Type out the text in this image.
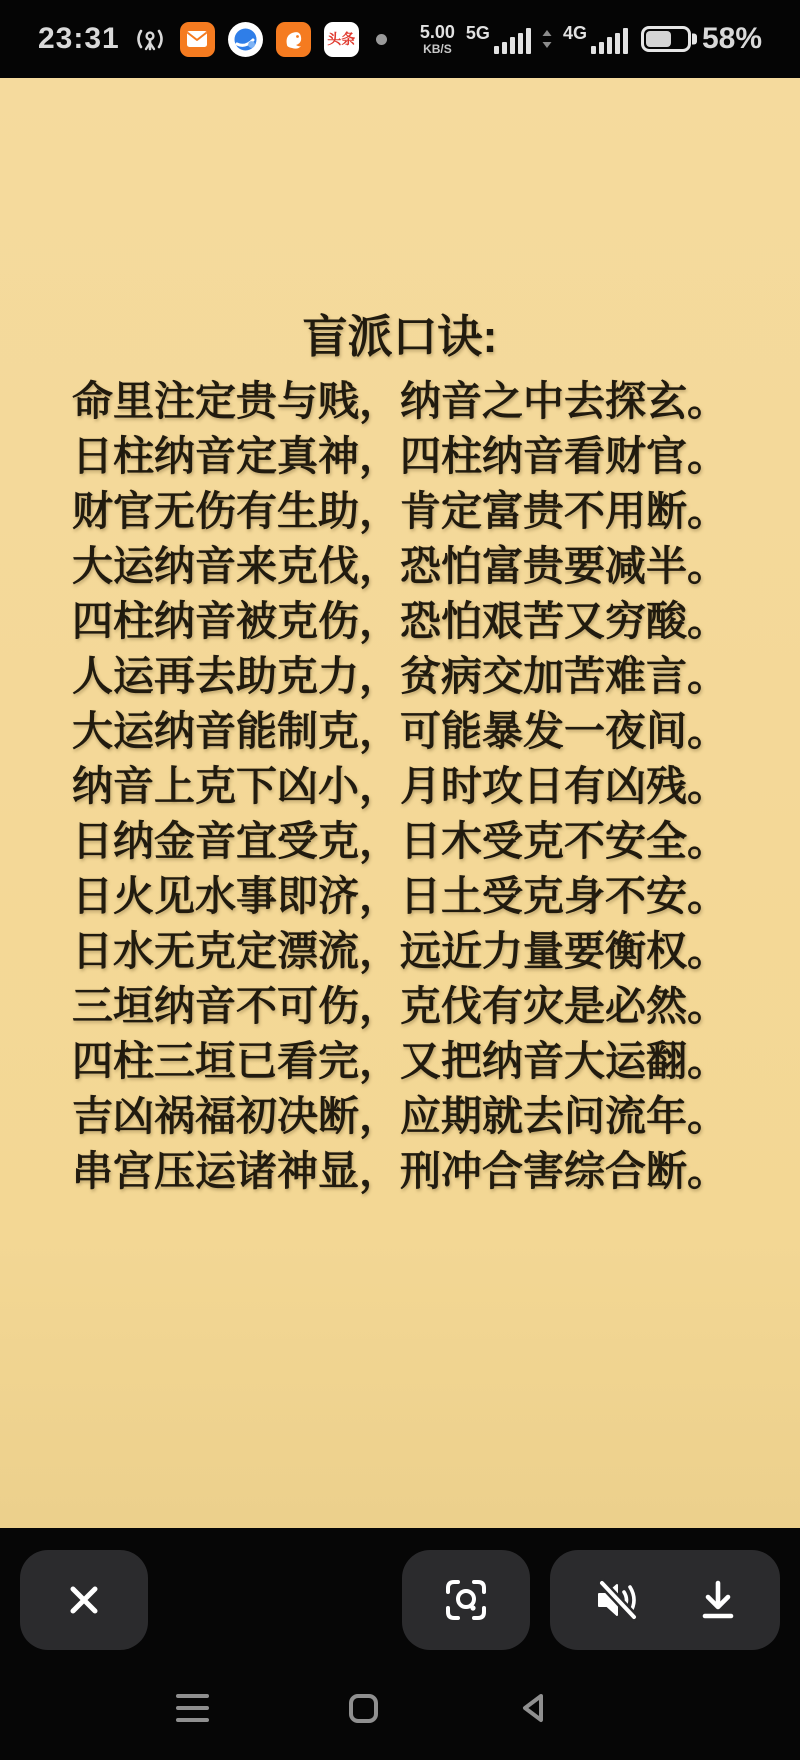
23:31	头条	5.00
KB/S
5G	4G	58%
盲派口诀:
命里注定贵与贱，纳音之中去探玄。
日柱纳音定真神，四柱纳音看财官。
财官无伤有生助，肯定富贵不用断。
大运纳音来克伐，恐怕富贵要减半。
四柱纳音被克伤，恐怕艰苦又穷酸。
人运再去助克力，贫病交加苦难言。
大运纳音能制克，可能暴发一夜间。
纳音上克下凶小，月时攻日有凶残。
日纳金音宜受克，日木受克不安全。
日火见水事即济，日土受克身不安。
日水无克定漂流，远近力量要衡权。
三垣纳音不可伤，克伐有灾是必然。
四柱三垣已看完，又把纳音大运翻。
吉凶祸福初决断，应期就去问流年。
串宫压运诸神显，刑冲合害综合断。
